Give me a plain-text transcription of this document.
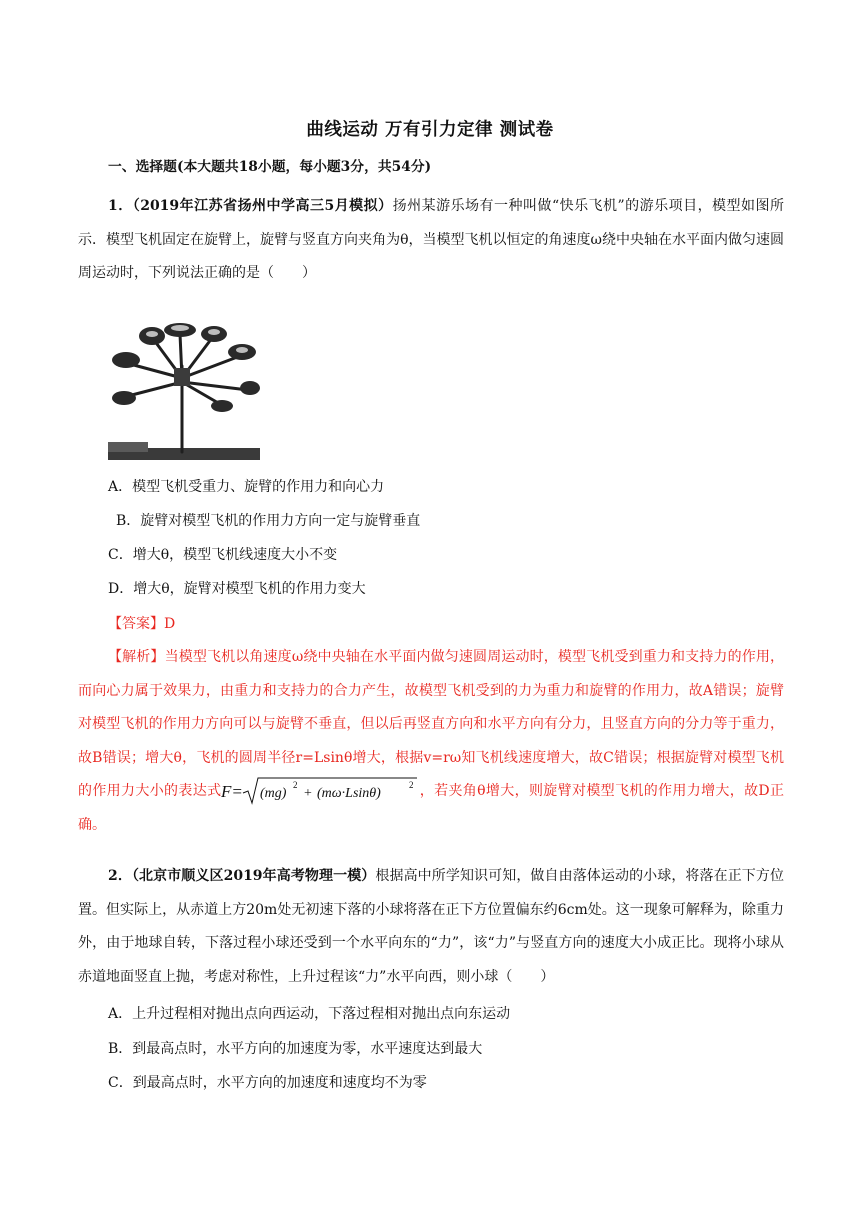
曲线运动 万有引力定律 测试卷
一、选择题(本大题共18小题，每小题3分，共54分)

1．（2019年江苏省扬州中学高三5月模拟）扬州某游乐场有一种叫做“快乐飞机”的游乐项目，模型如图所示．模型飞机固定在旋臂上，旋臂与竖直方向夹角为θ，当模型飞机以恒定的角速度ω绕中央轴在水平面内做匀速圆周运动时，下列说法正确的是（　　）

A．模型飞机受重力、旋臂的作用力和向心力
B．旋臂对模型飞机的作用力方向一定与旋臂垂直
C．增大θ，模型飞机线速度大小不变
D．增大θ，旋臂对模型飞机的作用力变大
【答案】D

【解析】当模型飞机以角速度ω绕中央轴在水平面内做匀速圆周运动时，模型飞机受到重力和支持力的作用，而向心力属于效果力，由重力和支持力的合力产生，故模型飞机受到的力为重力和旋臂的作用力，故A错误；旋臂对模型飞机的作用力方向可以与旋臂不垂直，但以后再竖直方向和水平方向有分力，且竖直方向的分力等于重力，故B错误；增大θ，飞机的圆周半径r=Lsinθ增大，根据v=rω知飞机线速度增大，故C错误；根据旋臂对模型飞机的作用力大小的表达式 F= (mg)
2
+ (mω·Lsinθ)
2 ，若夹角θ增大，则旋臂对模型飞机的作用力增大，故D正确。

2．（北京市顺义区2019年高考物理一模）根据高中所学知识可知，做自由落体运动的小球，将落在正下方位置。但实际上，从赤道上方20m处无初速下落的小球将落在正下方位置偏东约6cm处。这一现象可解释为，除重力外，由于地球自转，下落过程小球还受到一个水平向东的“力”，该“力”与竖直方向的速度大小成正比。现将小球从赤道地面竖直上抛，考虑对称性，上升过程该“力”水平向西，则小球（　　）

A．上升过程相对抛出点向西运动，下落过程相对抛出点向东运动
B．到最高点时，水平方向的加速度为零，水平速度达到最大
C．到最高点时，水平方向的加速度和速度均不为零
